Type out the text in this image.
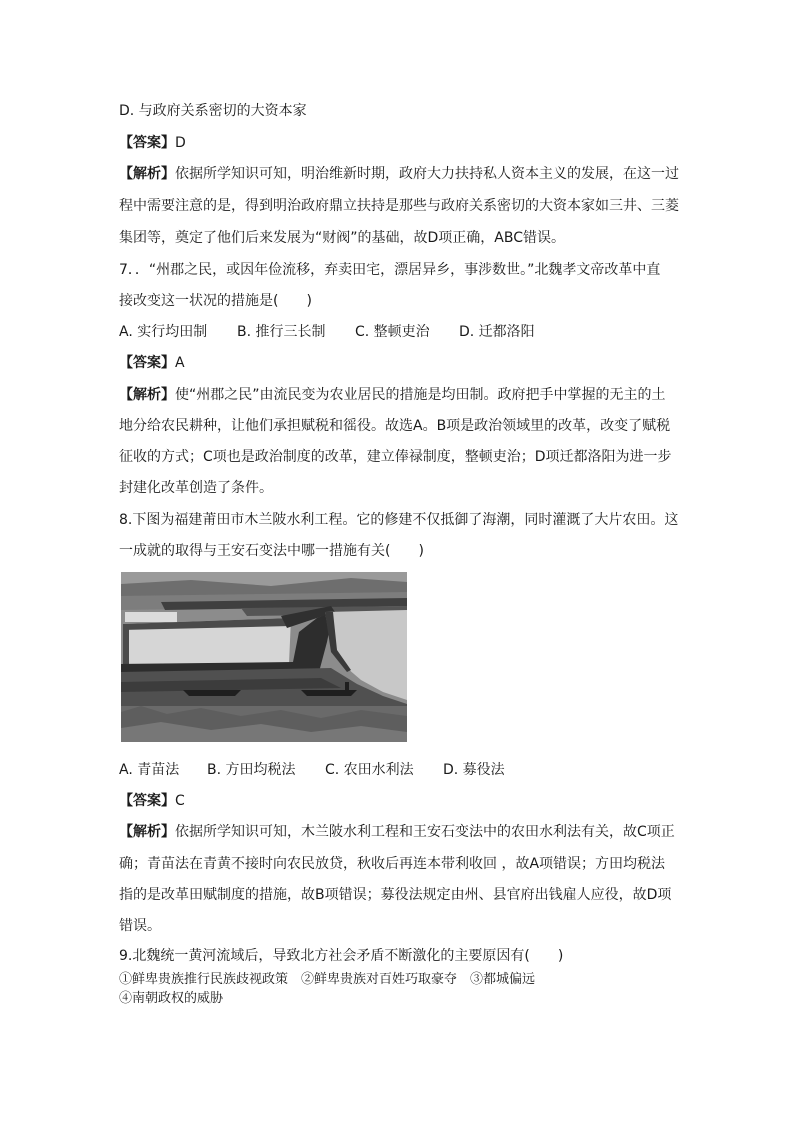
D. 与政府关系密切的大资本家
【答案】D
【解析】依据所学知识可知，明治维新时期，政府大力扶持私人资本主义的发展，在这一过
程中需要注意的是，得到明治政府鼎立扶持是那些与政府关系密切的大资本家如三井、三菱
集团等，奠定了他们后来发展为“财阀”的基础，故D项正确，ABC错误。
7．．“州郡之民，或因年俭流移，弃卖田宅，漂居异乡，事涉数世。”北魏孝文帝改革中直
接改变这一状况的措施是(　　)
A. 实行均田制 B. 推行三长制 C. 整顿吏治 D. 迁都洛阳
【答案】A
【解析】使“州郡之民”由流民变为农业居民的措施是均田制。政府把手中掌握的无主的土
地分给农民耕种，让他们承担赋税和徭役。故选A。B项是政治领域里的改革，改变了赋税
征收的方式；C项也是政治制度的改革，建立俸禄制度，整顿吏治；D项迁都洛阳为进一步
封建化改革创造了条件。
8.下图为福建莆田市木兰陂水利工程。它的修建不仅抵御了海潮，同时灌溉了大片农田。这
一成就的取得与王安石变法中哪一措施有关(　　)
A. 青苗法 B. 方田均税法 C. 农田水利法 D. 募役法
【答案】C
【解析】依据所学知识可知，木兰陂水利工程和王安石变法中的农田水利法有关，故C项正
确；青苗法在青黄不接时向农民放贷，秋收后再连本带利收回 ，故A项错误；方田均税法
指的是改革田赋制度的措施，故B项错误；募役法规定由州、县官府出钱雇人应役，故D项
错误。
9.北魏统一黄河流域后，导致北方社会矛盾不断激化的主要原因有(　　)
①鲜卑贵族推行民族歧视政策　②鲜卑贵族对百姓巧取豪夺　③都城偏远
④南朝政权的威胁
